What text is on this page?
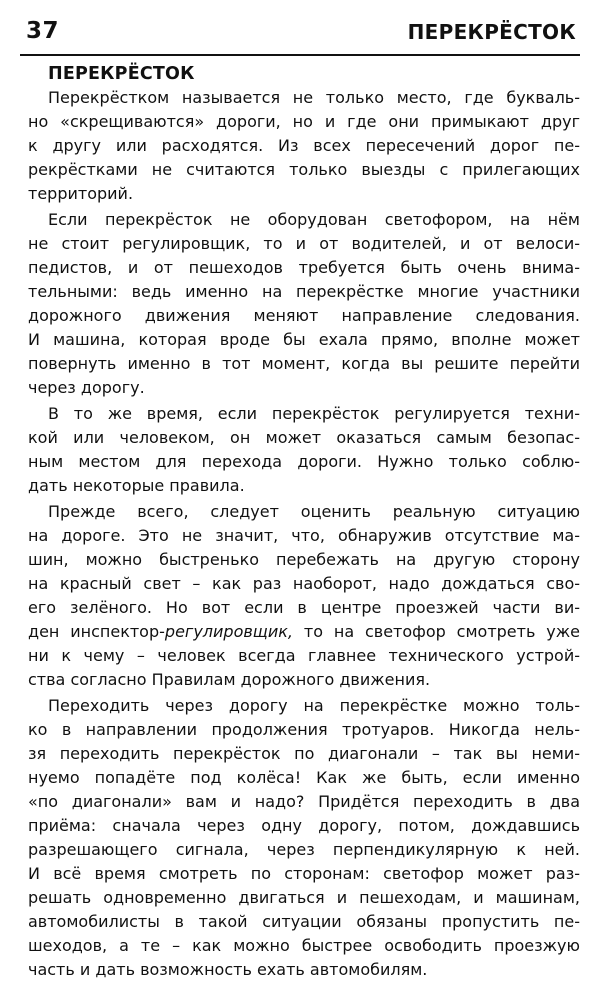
37	ПЕРЕКРЁСТОК
ПЕРЕКРЁСТОК

Перекрёстком называется не только место, где букваль-
но «скрещиваются» дороги, но и где они примыкают друг
к другу или расходятся. Из всех пересечений дорог пе-
рекрёстками не считаются только выезды с прилегающих
территорий.

Если перекрёсток не оборудован светофором, на нём
не стоит регулировщик, то и от водителей, и от велоси-
педистов, и от пешеходов требуется быть очень внима-
тельными: ведь именно на перекрёстке многие участники
дорожного движения меняют направление следования.
И машина, которая вроде бы ехала прямо, вполне может
повернуть именно в тот момент, когда вы решите перейти
через дорогу.

В то же время, если перекрёсток регулируется техни-
кой или человеком, он может оказаться самым безопас-
ным местом для перехода дороги. Нужно только соблю-
дать некоторые правила.

Прежде всего, следует оценить реальную ситуацию
на дороге. Это не значит, что, обнаружив отсутствие ма-
шин, можно быстренько перебежать на другую сторону
на красный свет – как раз наоборот, надо дождаться сво-
его зелёного. Но вот если в центре проезжей части ви-
ден инспектор-регулировщик, то на светофор смотреть уже
ни к чему – человек всегда главнее технического устрой-
ства согласно Правилам дорожного движения.

Переходить через дорогу на перекрёстке можно толь-
ко в направлении продолжения тротуаров. Никогда нель-
зя переходить перекрёсток по диагонали – так вы неми-
нуемо попадёте под колёса! Как же быть, если именно
«по диагонали» вам и надо? Придётся переходить в два
приёма: сначала через одну дорогу, потом, дождавшись
разрешающего сигнала, через перпендикулярную к ней.
И всё время смотреть по сторонам: светофор может раз-
решать одновременно двигаться и пешеходам, и машинам,
автомобилисты в такой ситуации обязаны пропустить пе-
шеходов, а те – как можно быстрее освободить проезжую
часть и дать возможность ехать автомобилям.
